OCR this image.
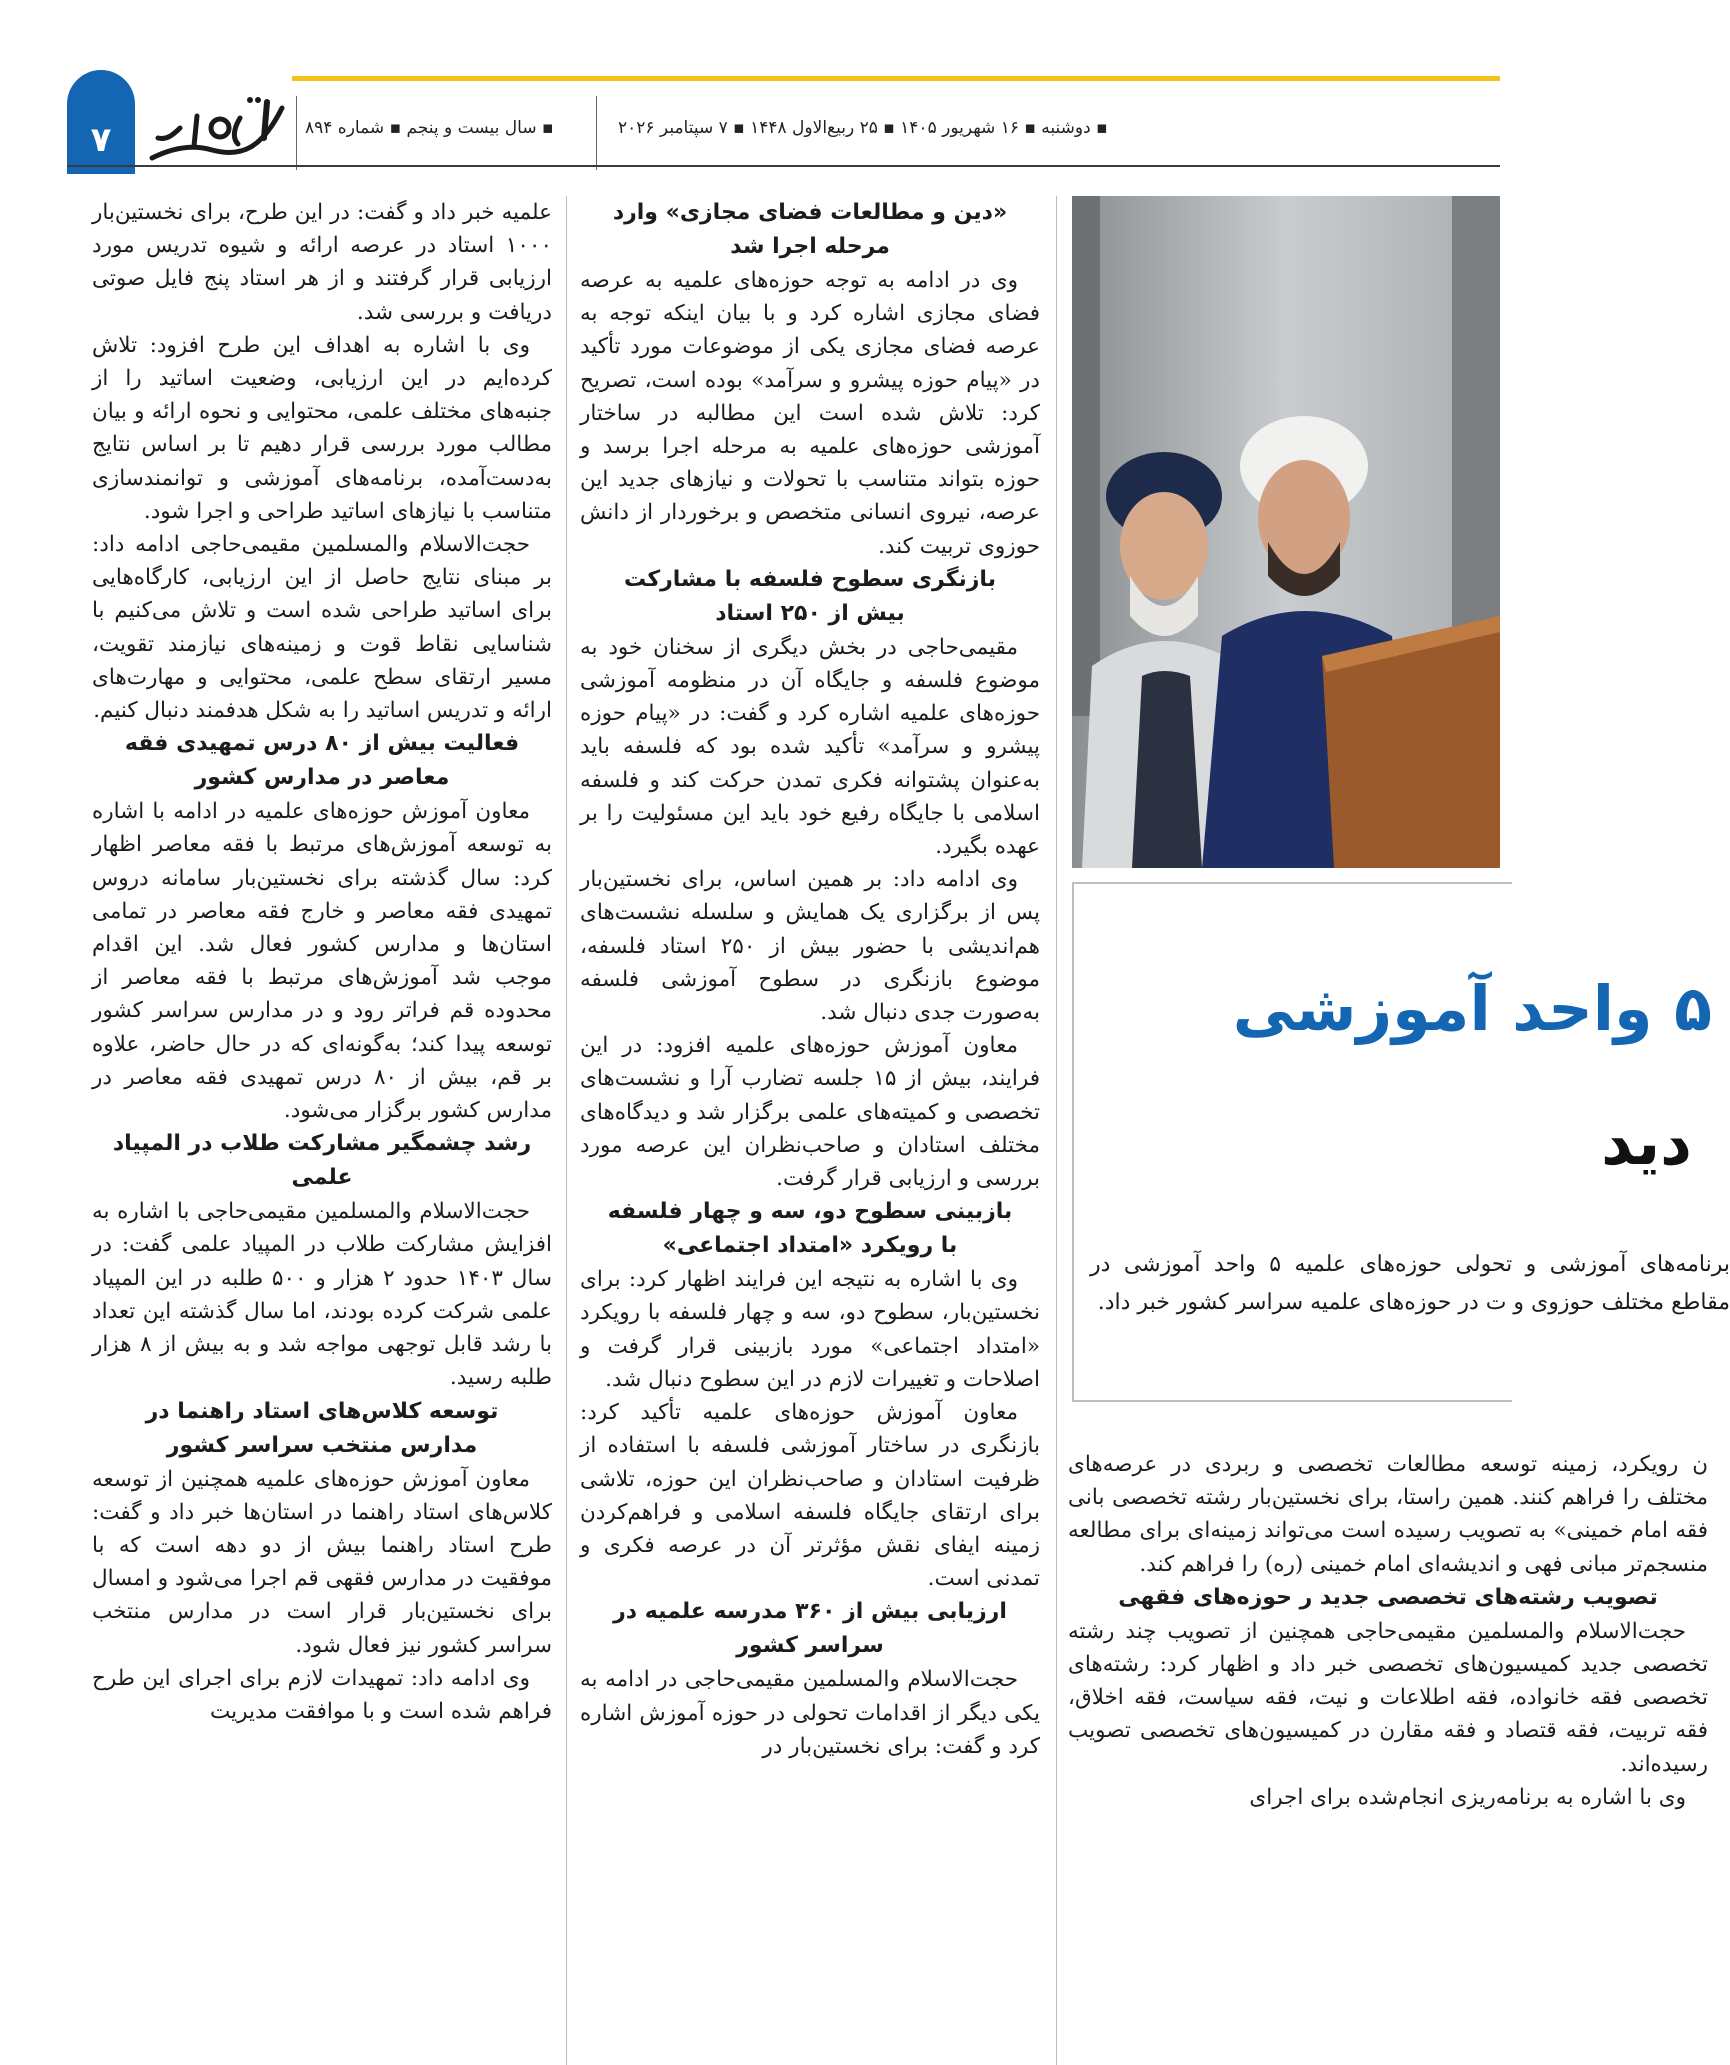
۷	▪ سال بیست و پنجم ▪ شماره ۸۹۴	▪ دوشنبه ▪ ۱۶ شهریور ۱۴۰۵ ▪ ۲۵ ربیع‌الاول ۱۴۴۸ ▪ ۷ سپتامبر ۲۰۲۶

علمیه خبر داد و گفت: در این طرح، برای نخستین‌بار ۱۰۰۰ استاد در عرصه ارائه و شیوه تدریس مورد ارزیابی قرار گرفتند و از هر استاد پنج فایل صوتی دریافت و بررسی شد.

وی با اشاره به اهداف این طرح افزود: تلاش کرده‌ایم در این ارزیابی، وضعیت اساتید را از جنبه‌های مختلف علمی، محتوایی و نحوه ارائه و بیان مطالب مورد بررسی قرار دهیم تا بر اساس نتایج به‌دست‌آمده، برنامه‌های آموزشی و توانمندسازی متناسب با نیازهای اساتید طراحی و اجرا شود.

حجت‌الاسلام والمسلمین مقیمی‌حاجی ادامه داد: بر مبنای نتایج حاصل از این ارزیابی، کارگاه‌هایی برای اساتید طراحی شده است و تلاش می‌کنیم با شناسایی نقاط قوت و زمینه‌های نیازمند تقویت، مسیر ارتقای سطح علمی، محتوایی و مهارت‌های ارائه و تدریس اساتید را به شکل هدفمند دنبال کنیم.

فعالیت بیش از ۸۰ درس تمهیدی فقه معاصر در مدارس کشور

معاون آموزش حوزه‌های علمیه در ادامه با اشاره به توسعه آموزش‌های مرتبط با فقه معاصر اظهار کرد: سال گذشته برای نخستین‌بار سامانه دروس تمهیدی فقه معاصر و خارج فقه معاصر در تمامی استان‌ها و مدارس کشور فعال شد. این اقدام موجب شد آموزش‌های مرتبط با فقه معاصر از محدوده قم فراتر رود و در مدارس سراسر کشور توسعه پیدا کند؛ به‌گونه‌ای که در حال حاضر، علاوه بر قم، بیش از ۸۰ درس تمهیدی فقه معاصر در مدارس کشور برگزار می‌شود.

رشد چشمگیر مشارکت طلاب در المپیاد علمی

حجت‌الاسلام والمسلمین مقیمی‌حاجی با اشاره به افزایش مشارکت طلاب در المپیاد علمی گفت: در سال ۱۴۰۳ حدود ۲ هزار و ۵۰۰ طلبه در این المپیاد علمی شرکت کرده بودند، اما سال گذشته این تعداد با رشد قابل توجهی مواجه شد و به بیش از ۸ هزار طلبه رسید.

توسعه کلاس‌های استاد راهنما در مدارس منتخب سراسر کشور

معاون آموزش حوزه‌های علمیه همچنین از توسعه کلاس‌های استاد راهنما در استان‌ها خبر داد و گفت: طرح استاد راهنما بیش از دو دهه است که با موفقیت در مدارس فقهی قم اجرا می‌شود و امسال برای نخستین‌بار قرار است در مدارس منتخب سراسر کشور نیز فعال شود.

وی ادامه داد: تمهیدات لازم برای اجرای این طرح فراهم شده است و با موافقت مدیریت

«دین و مطالعات فضای مجازی» وارد مرحله اجرا شد

وی در ادامه به توجه حوزه‌های علمیه به عرصه فضای مجازی اشاره کرد و با بیان اینکه توجه به عرصه فضای مجازی یکی از موضوعات مورد تأکید در «پیام حوزه پیشرو و سرآمد» بوده است، تصریح کرد: تلاش شده است این مطالبه در ساختار آموزشی حوزه‌های علمیه به مرحله اجرا برسد و حوزه بتواند متناسب با تحولات و نیازهای جدید این عرصه، نیروی انسانی متخصص و برخوردار از دانش حوزوی تربیت کند.

بازنگری سطوح فلسفه با مشارکت بیش از ۲۵۰ استاد

مقیمی‌حاجی در بخش دیگری از سخنان خود به موضوع فلسفه و جایگاه آن در منظومه آموزشی حوزه‌های علمیه اشاره کرد و گفت: در «پیام حوزه پیشرو و سرآمد» تأکید شده بود که فلسفه باید به‌عنوان پشتوانه فکری تمدن حرکت کند و فلسفه اسلامی با جایگاه رفیع خود باید این مسئولیت را بر عهده بگیرد.

وی ادامه داد: بر همین اساس، برای نخستین‌بار پس از برگزاری یک همایش و سلسله نشست‌های هم‌اندیشی با حضور بیش از ۲۵۰ استاد فلسفه، موضوع بازنگری در سطوح آموزشی فلسفه به‌صورت جدی دنبال شد.

معاون آموزش حوزه‌های علمیه افزود: در این فرایند، بیش از ۱۵ جلسه تضارب آرا و نشست‌های تخصصی و کمیته‌های علمی برگزار شد و دیدگاه‌های مختلف استادان و صاحب‌نظران این عرصه مورد بررسی و ارزیابی قرار گرفت.

بازبینی سطوح دو، سه و چهار فلسفه با رویکرد «امتداد اجتماعی»

وی با اشاره به نتیجه این فرایند اظهار کرد: برای نخستین‌بار، سطوح دو، سه و چهار فلسفه با رویکرد «امتداد اجتماعی» مورد بازبینی قرار گرفت و اصلاحات و تغییرات لازم در این سطوح دنبال شد.

معاون آموزش حوزه‌های علمیه تأکید کرد: بازنگری در ساختار آموزشی فلسفه با استفاده از ظرفیت استادان و صاحب‌نظران این حوزه، تلاشی برای ارتقای جایگاه فلسفه اسلامی و فراهم‌کردن زمینه ایفای نقش مؤثرتر آن در عرصه فکری و تمدنی است.

ارزیابی بیش از ۳۶۰ مدرسه علمیه در سراسر کشور

حجت‌الاسلام والمسلمین مقیمی‌حاجی در ادامه به یکی دیگر از اقدامات تحولی در حوزه آموزش اشاره کرد و گفت: برای نخستین‌بار در

۵ واحد آموزشی
دید
برنامه‌های آموزشی و تحولی حوزه‌های علمیه ۵ واحد آموزشی در مقاطع مختلف حوزوی و ت در حوزه‌های علمیه سراسر کشور خبر داد.

ن رویکرد، زمینه توسعه مطالعات تخصصی و ربردی در عرصه‌های مختلف را فراهم کنند. همین راستا، برای نخستین‌بار رشته تخصصی بانی فقه امام خمینی» به تصویب رسیده است می‌تواند زمینه‌ای برای مطالعه منسجم‌تر مبانی فهی و اندیشه‌ای امام خمینی (ره) را فراهم کند.

تصویب رشته‌های تخصصی جدید ر حوزه‌های فقهی

حجت‌الاسلام والمسلمین مقیمی‌حاجی همچنین از تصویب چند رشته تخصصی جدید کمیسیون‌های تخصصی خبر داد و اظهار کرد: رشته‌های تخصصی فقه خانواده، فقه اطلاعات و نیت، فقه سیاست، فقه اخلاق، فقه تربیت، فقه قتصاد و فقه مقارن در کمیسیون‌های تخصصی تصویب رسیده‌اند.

وی با اشاره به برنامه‌ریزی انجام‌شده برای اجرای
